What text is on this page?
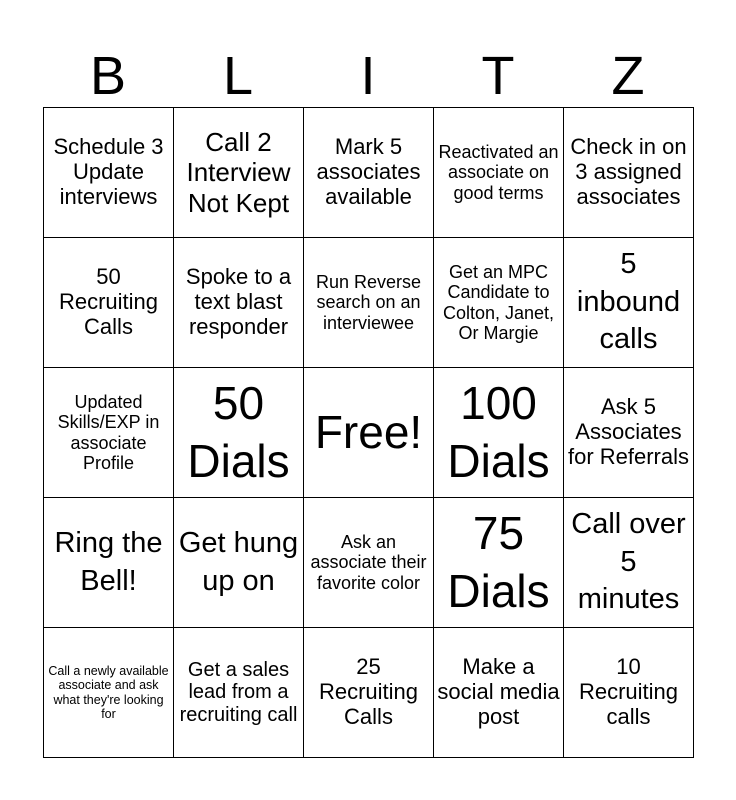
B	L	I	T	Z
Schedule 3 Update interviews	Call 2 Interview Not Kept	Mark 5 associates available	Reactivated an associate on good terms	Check in on 3 assigned associates
50 Recruiting Calls	Spoke to a text blast responder	Run Reverse search on an interviewee	Get an MPC Candidate to Colton, Janet, Or Margie	5 inbound calls
Updated Skills/EXP in associate Profile	50 Dials	Free!	100 Dials	Ask 5 Associates for Referrals
Ring the Bell!	Get hung up on	Ask an associate their favorite color	75 Dials	Call over 5 minutes
Call a newly available associate and ask what they're looking for	Get a sales lead from a recruiting call	25 Recruiting Calls	Make a social media post	10 Recruiting calls
